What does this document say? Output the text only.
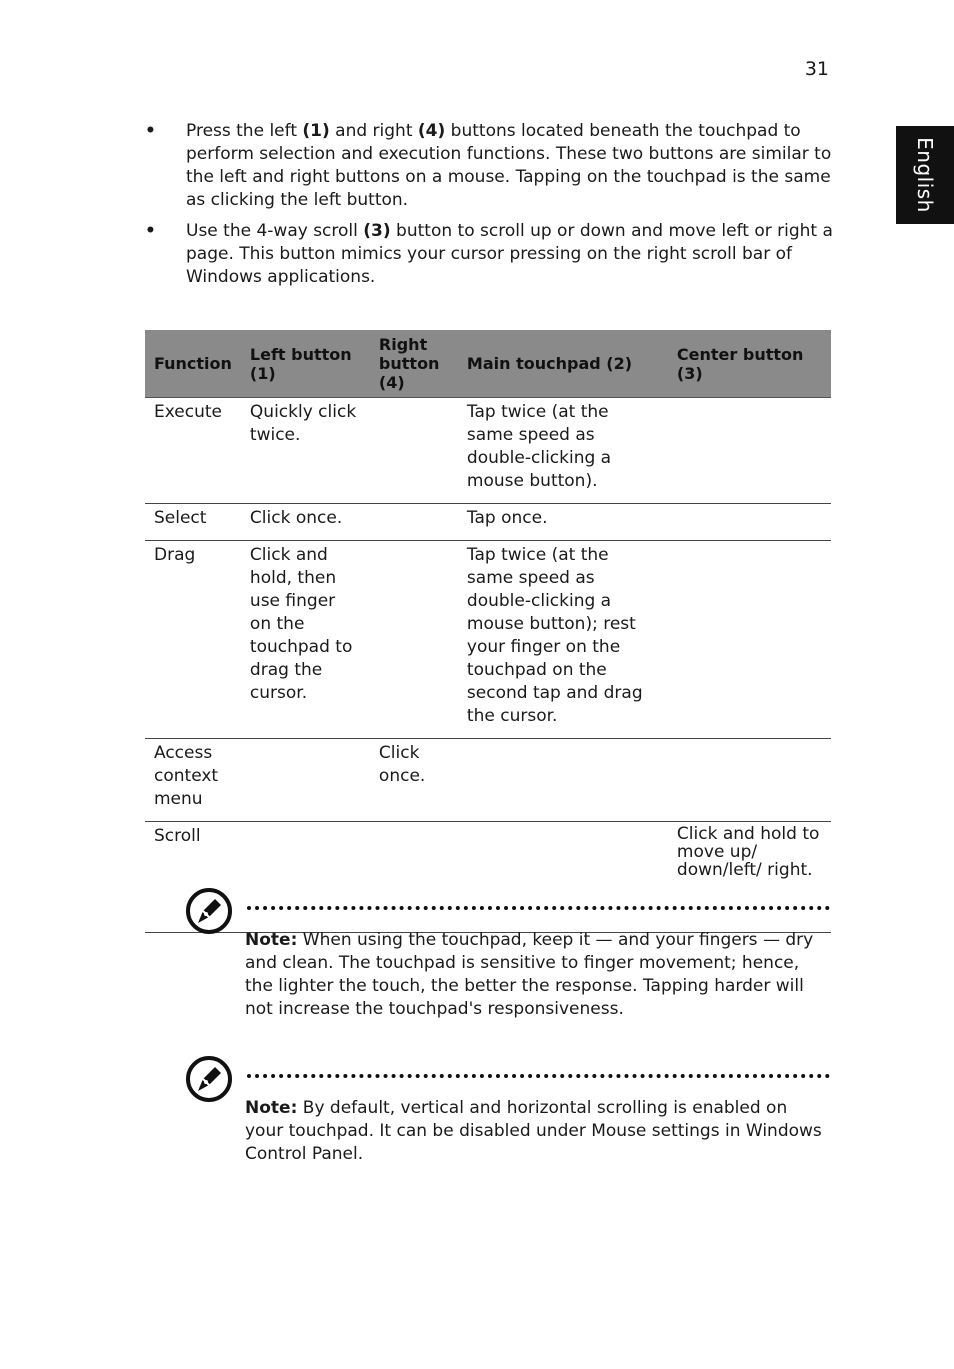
31
English
• Press the left (1) and right (4) buttons located beneath the touchpad to perform selection and execution functions. These two buttons are similar to the left and right buttons on a mouse. Tapping on the touchpad is the same as clicking the left button.
• Use the 4-way scroll (3) button to scroll up or down and move left or right a page. This button mimics your cursor pressing on the right scroll bar of Windows applications.
Function	Left button (1)	Right button (4)	Main touchpad (2)	Center button (3)
Execute	Quickly click twice.		Tap twice (at the same speed as double-clicking a mouse button).	
Select	Click once.		Tap once.	
Drag	Click and hold, then use finger on the touchpad to drag the cursor.		Tap twice (at the same speed as double-clicking a mouse button); rest your finger on the touchpad on the second tap and drag the cursor.	
Access context menu		Click once.		
Scroll				Click and hold to move up/ down/left/ right.
Note: When using the touchpad, keep it — and your fingers — dry and clean. The touchpad is sensitive to finger movement; hence, the lighter the touch, the better the response. Tapping harder will not increase the touchpad's responsiveness.
Note: By default, vertical and horizontal scrolling is enabled on your touchpad. It can be disabled under Mouse settings in Windows Control Panel.
